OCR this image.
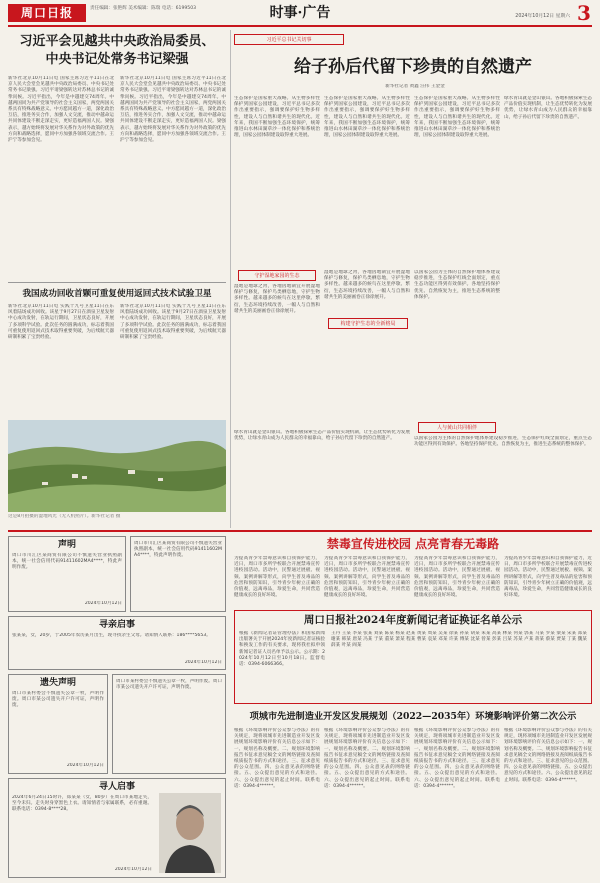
周口日报	责任编辑：张艳辉 美术编辑：陈瑞 电话：6199503	时事·广告	2024年10月12日 星期六 3
习近平会见越共中央政治局委员、
中央书记处常务书记梁强
新华社北京10月11日电 国家主席习近平11日在北京人民大会堂会见越共中央政治局委员、中央书记处常务书记梁强。习近平请梁强转达对苏林总书记的诚挚问候。习近平指出，今年是中越建交74周年。中越两国同为共产党领导的社会主义国家，两党两国关系具有特殊战略意义。中方愿同越方一道，深化政治互信，推进务实合作，加强人文交流，推动中越命运共同体建设不断走深走实，更好造福两国人民。梁强表示，越方始终将发展对华关系作为对外政策的优先方向和战略选择，愿同中方加强各领域交流合作。王沪宁等参加会见。
新华社北京10月11日电 国家主席习近平11日在北京人民大会堂会见越共中央政治局委员、中央书记处常务书记梁强。习近平请梁强转达对苏林总书记的诚挚问候。习近平指出，今年是中越建交74周年。中越两国同为共产党领导的社会主义国家，两党两国关系具有特殊战略意义。中方愿同越方一道，深化政治互信，推进务实合作，加强人文交流，推动中越命运共同体建设不断走深走实，更好造福两国人民。梁强表示，越方始终将发展对华关系作为对外政策的优先方向和战略选择，愿同中方加强各领域交流合作。王沪宁等参加会见。
我国成功回收首颗可重复使用返回式技术试验卫星
新华社北京10月11日电 实践十九号卫星11日在东风着陆场成功回收。该星于9月27日在酒泉卫星发射中心成功发射，在轨运行期间，卫星状态良好，开展了多项科学试验。此次任务的圆满成功，标志着我国可重复使用返回式技术取得重要突破，为后续航天器研制积累了宝贵经验。
新华社北京10月11日电 实践十九号卫星11日在东风着陆场成功回收。该星于9月27日在酒泉卫星发射中心成功发射，在轨运行期间，卫星状态良好，开展了多项科学试验。此次任务的圆满成功，标志着我国可重复使用返回式技术取得重要突破，为后续航天器研制积累了宝贵经验。
这是8月拍摄的湿地风光（无人机照片）。新华社记者 摄
习近平总书记关切事
给子孙后代留下珍贵的自然遗产
新华社记者 黄鑫 汪伟 王金金
生态保护是国家重大战略。从生物多样性保护到国家公园建设，习近平总书记多次作出重要指示，强调要保护好生物多样性，建设人与自然和谐共生的现代化。近年来，我国不断加强生态环境保护，统筹推进山水林田湖草沙一体化保护和系统治理，国家公园体制建设取得重大进展。
生态保护是国家重大战略。从生物多样性保护到国家公园建设，习近平总书记多次作出重要指示，强调要保护好生物多样性，建设人与自然和谐共生的现代化。近年来，我国不断加强生态环境保护，统筹推进山水林田湖草沙一体化保护和系统治理，国家公园体制建设取得重大进展。
生态保护是国家重大战略。从生物多样性保护到国家公园建设，习近平总书记多次作出重要指示，强调要保护好生物多样性，建设人与自然和谐共生的现代化。近年来，我国不断加强生态环境保护，统筹推进山水林田湖草沙一体化保护和系统治理，国家公园体制建设取得重大进展。
绿水青山就是金山银山。各地积极探索生态产品价值实现机制，让生态优势转化为发展优势，让绿水青山成为人民群众的幸福靠山，给子孙后代留下珍贵的自然遗产。
守护湿地家园的生态
湿地是地球之肾，各地因地制宜开展湿地保护与修复，保护鸟类栖息地，守护生物多样性。越来越多的候鸟在这里停歇、繁衍，生态环境持续改善，一幅人与自然和谐共生的美丽画卷正徐徐展开。
湿地是地球之肾，各地因地制宜开展湿地保护与修复，保护鸟类栖息地，守护生物多样性。越来越多的候鸟在这里停歇、繁衍，生态环境持续改善，一幅人与自然和谐共生的美丽画卷正徐徐展开。
构建守护生态的全新格局
以国家公园为主体的自然保护地体系建设稳步推进，生态保护红线全面划定，重点生态功能区得到有效保护。各地坚持保护优先、自然恢复为主，推进生态系统的整体保护。
人与黄山共同相伴
绿水青山就是金山银山。各地积极探索生态产品价值实现机制，让生态优势转化为发展优势，让绿水青山成为人民群众的幸福靠山，给子孙后代留下珍贵的自然遗产。	以国家公园为主体的自然保护地体系建设稳步推进，生态保护红线全面划定，重点生态功能区得到有效保护。各地坚持保护优先、自然恢复为主，推进生态系统的整体保护。
声明
周口市川汇区某商贸有限公司不慎遗失营业执照副本，统一社会信用代码91411602MA4****，特此声明作废。
2024年10月12日
周口市川汇区某商贸有限公司不慎遗失营业执照副本，统一社会信用代码91411602MA4****，特此声明作废。
寻亲启事
张某某，女，20岁，于2005年农历某月出生，现寻找亲生父母。请知情人联系：186****5653。
2024年10月12日
遗失声明
周口市某村委会不慎遗失公章一枚，声明作废。周口市某公司遗失开户许可证，声明作废。
2024年10月12日
周口市某村委会不慎遗失公章一枚，声明作废。周口市某公司遗失开户许可证，声明作废。
寻人启事
2024年6月24日15时许，郑某某（女，80岁）在周口市某地走失，至今未归。走失时身穿黑色上衣。请知情者与家属联系，必有重谢。联系电话：0394-8****28。
2024年10月12日
禁毒宣传进校园 点亮青春无毒路
为提高青少年禁毒意识和自我保护能力，近日，周口市多所学校联合开展禁毒宣传进校园活动。活动中，民警通过展板、视频、案例讲解等形式，向学生普及毒品的危害和预防知识，引导青少年树立正确的价值观，远离毒品，珍爱生命，共同营造健康成长的良好环境。
为提高青少年禁毒意识和自我保护能力，近日，周口市多所学校联合开展禁毒宣传进校园活动。活动中，民警通过展板、视频、案例讲解等形式，向学生普及毒品的危害和预防知识，引导青少年树立正确的价值观，远离毒品，珍爱生命，共同营造健康成长的良好环境。
为提高青少年禁毒意识和自我保护能力，近日，周口市多所学校联合开展禁毒宣传进校园活动。活动中，民警通过展板、视频、案例讲解等形式，向学生普及毒品的危害和预防知识，引导青少年树立正确的价值观，远离毒品，珍爱生命，共同营造健康成长的良好环境。
为提高青少年禁毒意识和自我保护能力，近日，周口市多所学校联合开展禁毒宣传进校园活动。活动中，民警通过展板、视频、案例讲解等形式，向学生普及毒品的危害和预防知识，引导青少年树立正确的价值观，远离毒品，珍爱生命，共同营造健康成长的良好环境。
周口日报社2024年度新闻记者证换证名单公示
根据《新闻记者证管理办法》和国家新闻出版署关于开展2024年度新闻记者证核验和换发工作的有关要求，现将我社拟申领新闻记者证人员名单予以公示。公示期：2024年10月12日至10月18日。监督电话：0394-6066366。
王丹 王某 李某 张某 刘某 陈某 杨某 赵某 黄某 周某 吴某 徐某 孙某 胡某 朱某 高某 林某 何某 郭某 马某 罗某 梁某 宋某 郑某 谢某 韩某 唐某 冯某 于某 董某 萧某 程某 曹某 袁某 邓某 许某 傅某 沈某 曾某 彭某 吕某 苏某 卢某 蒋某 蔡某 贾某 丁某 魏某 薛某 叶某 阎某
项城市先进制造业开发区发展规划（2022—2035年）环境影响评价第二次公示
根据《环境影响评价公众参与办法》的有关规定，现将项城市先进制造业开发区发展规划环境影响评价有关信息公示如下：一、规划名称及概要。二、规划环境影响报告书征求意见稿全文的网络链接及查阅纸质报告书的方式和途径。三、征求意见的公众范围。四、公众意见表的网络链接。五、公众提出意见的方式和途径。六、公众提出意见的起止时间。联系电话：0394-4******。
根据《环境影响评价公众参与办法》的有关规定，现将项城市先进制造业开发区发展规划环境影响评价有关信息公示如下：一、规划名称及概要。二、规划环境影响报告书征求意见稿全文的网络链接及查阅纸质报告书的方式和途径。三、征求意见的公众范围。四、公众意见表的网络链接。五、公众提出意见的方式和途径。六、公众提出意见的起止时间。联系电话：0394-4******。
根据《环境影响评价公众参与办法》的有关规定，现将项城市先进制造业开发区发展规划环境影响评价有关信息公示如下：一、规划名称及概要。二、规划环境影响报告书征求意见稿全文的网络链接及查阅纸质报告书的方式和途径。三、征求意见的公众范围。四、公众意见表的网络链接。五、公众提出意见的方式和途径。六、公众提出意见的起止时间。联系电话：0394-4******。
根据《环境影响评价公众参与办法》的有关规定，现将项城市先进制造业开发区发展规划环境影响评价有关信息公示如下：一、规划名称及概要。二、规划环境影响报告书征求意见稿全文的网络链接及查阅纸质报告书的方式和途径。三、征求意见的公众范围。四、公众意见表的网络链接。五、公众提出意见的方式和途径。六、公众提出意见的起止时间。联系电话：0394-4******。
